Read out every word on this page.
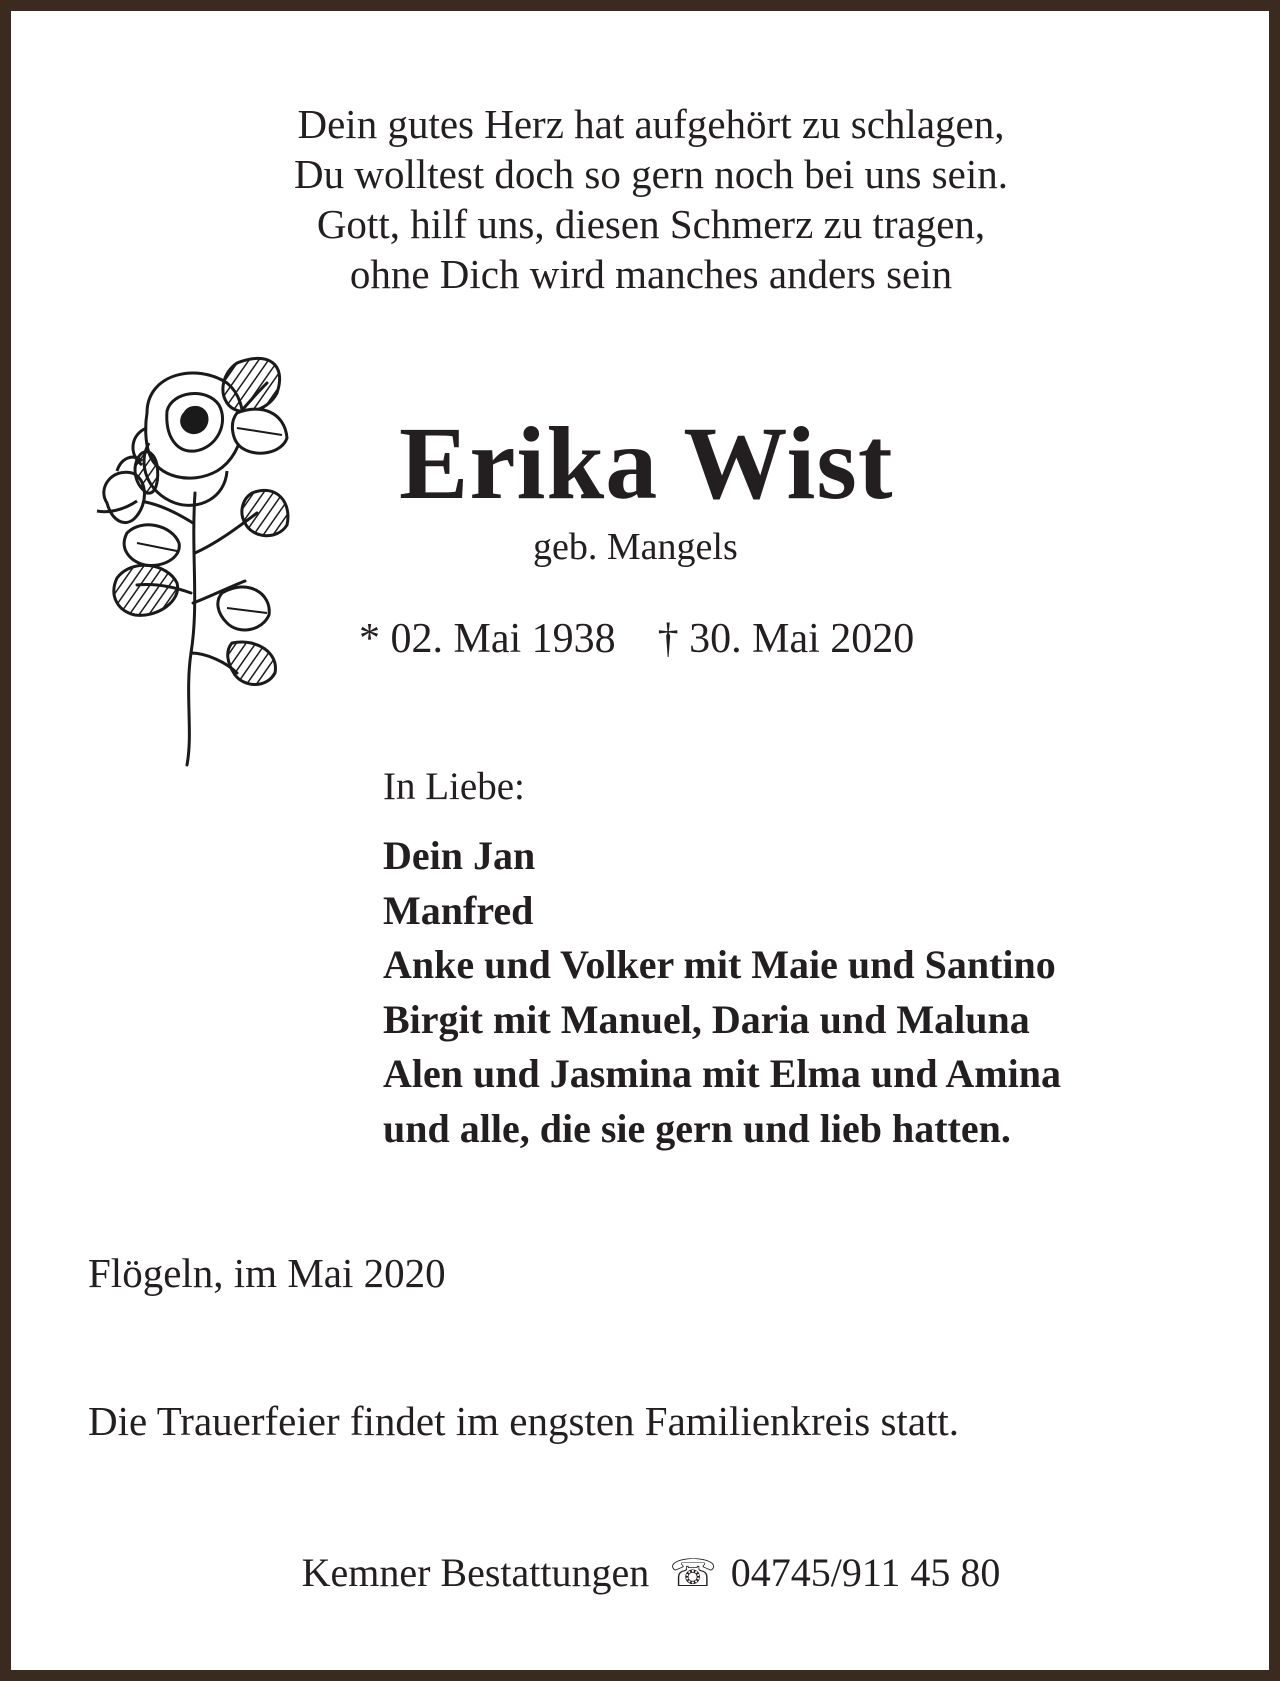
Dein gutes Herz hat aufgehört zu schlagen,
Du wolltest doch so gern noch bei uns sein.
Gott, hilf uns, diesen Schmerz zu tragen,
ohne Dich wird manches anders sein
Erika Wist
geb. Mangels
* 02. Mai 1938 † 30. Mai 2020
In Liebe:
Dein Jan
Manfred
Anke und Volker mit Maie und Santino
Birgit mit Manuel, Daria und Maluna
Alen und Jasmina mit Elma und Amina
und alle, die sie gern und lieb hatten.
Flögeln, im Mai 2020
Die Trauerfeier findet im engsten Familienkreis statt.
Kemner Bestattungen ☏ 04745/911 45 80
